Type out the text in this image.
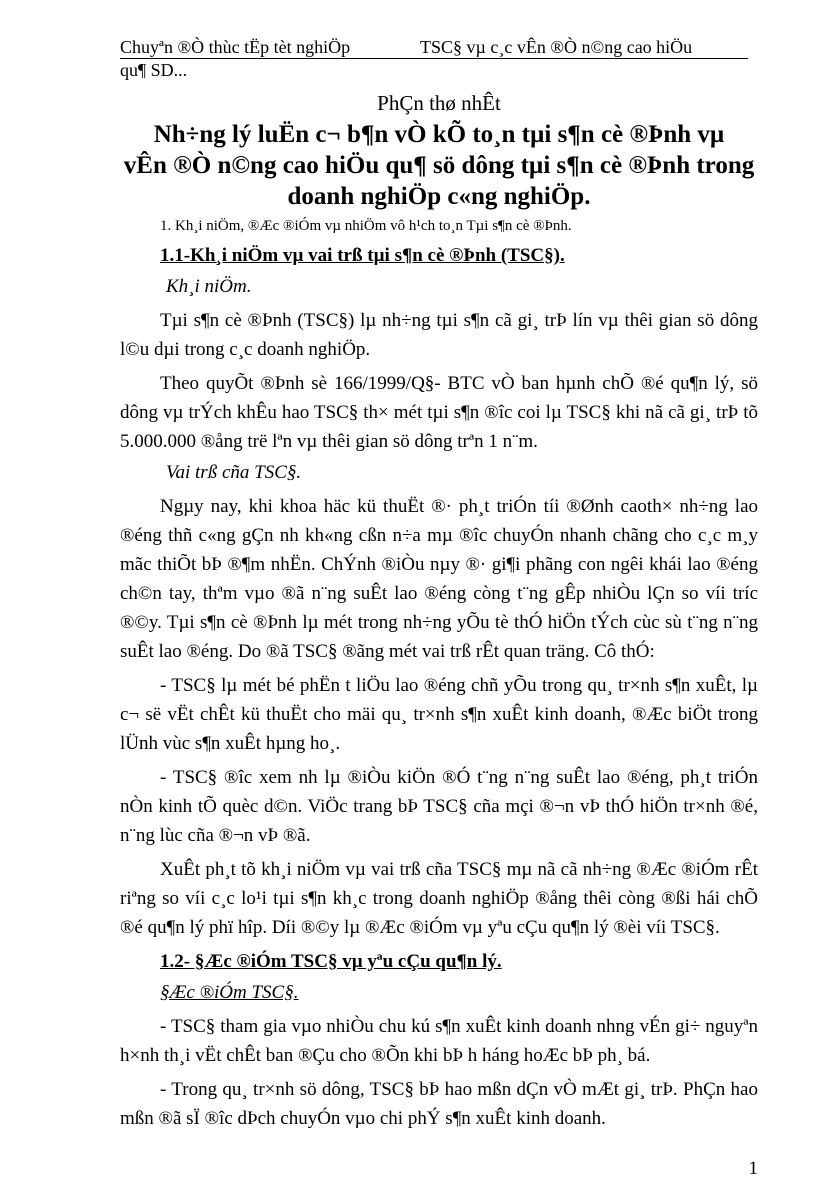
Chuyªn ®Ò thùc tËp tèt nghiÖp	TSC§ vµ c¸c vÊn ®Ò n©ng cao hiÖu
qu¶ SD...
PhÇn thø nhÊt
Nh÷ng lý luËn c¬ b¶n vÒ kÕ to¸n tµi s¶n cè ®Þnh vµ
vÊn ®Ò n©ng cao hiÖu qu¶ sö dông tµi s¶n cè ®Þnh trong
doanh nghiÖp c«ng nghiÖp.
1. Kh¸i niÖm, ®Æc ®iÓm vµ nhiÖm vô h¹ch to¸n Tµi s¶n cè ®Þnh.
1.1-Kh¸i niÖm vµ vai trß tµi s¶n cè ®Þnh (TSC§).
Kh¸i niÖm.

Tµi s¶n cè ®Þnh (TSC§) lµ nh÷ng tµi s¶n cã gi¸ trÞ lín vµ thêi gian sö dông l©u dµi trong c¸c doanh nghiÖp.

Theo quyÕt ®Þnh sè 166/1999/Q§- BTC vÒ ban hµnh chÕ ®é qu¶n lý, sö dông vµ trÝch khÊu hao TSC§ th× mét tµi s¶n ®îc coi lµ TSC§ khi nã cã gi¸ trÞ tõ 5.000.000 ®ång trë lªn vµ thêi gian sö dông trªn 1 n¨m.

Vai trß cña TSC§.

Ngµy nay, khi khoa häc kü thuËt ®· ph¸t triÓn tíi ®Ønh caoth× nh÷ng lao ®éng thñ c«ng gÇn nh kh«ng cßn n÷a mµ ®îc chuyÓn nhanh chãng cho c¸c m¸y mãc thiÕt bÞ ®¶m nhËn. ChÝnh ®iÒu nµy ®· gi¶i phãng con ngêi khái lao ®éng ch©n tay, thªm vµo ®ã n¨ng suÊt lao ®éng còng t¨ng gÊp nhiÒu lÇn so víi tríc ®©y. Tµi s¶n cè ®Þnh lµ mét trong nh÷ng yÕu tè thÓ hiÖn tÝch cùc sù t¨ng n¨ng suÊt lao ®éng. Do ®ã TSC§ ®ãng mét vai trß rÊt quan träng. Cô thÓ:

- TSC§ lµ mét bé phËn t liÖu lao ®éng chñ yÕu trong qu¸ tr×nh s¶n xuÊt, lµ c¬ së vËt chÊt kü thuËt cho mäi qu¸ tr×nh s¶n xuÊt kinh doanh, ®Æc biÖt trong lÜnh vùc s¶n xuÊt hµng ho¸.

- TSC§ ®îc xem nh lµ ®iÒu kiÖn ®Ó t¨ng n¨ng suÊt lao ®éng, ph¸t triÓn nÒn kinh tÕ quèc d©n. ViÖc trang bÞ TSC§ cña mçi ®¬n vÞ thÓ hiÖn tr×nh ®é, n¨ng lùc cña ®¬n vÞ ®ã.

XuÊt ph¸t tõ kh¸i niÖm vµ vai trß cña TSC§ mµ nã cã nh÷ng ®Æc ®iÓm rÊt riªng so víi c¸c lo¹i tµi s¶n kh¸c trong doanh nghiÖp ®ång thêi còng ®ßi hái chÕ ®é qu¶n lý phï hîp. Díi ®©y lµ ®Æc ®iÓm vµ yªu cÇu qu¶n lý ®èi víi TSC§.

1.2- §Æc ®iÓm TSC§ vµ yªu cÇu qu¶n lý.
§Æc ®iÓm TSC§.

- TSC§ tham gia vµo nhiÒu chu kú s¶n xuÊt kinh doanh nhng vÉn gi÷ nguyªn h×nh th¸i vËt chÊt ban ®Çu cho ®Õn khi bÞ h háng hoÆc bÞ ph¸ bá.

- Trong qu¸ tr×nh sö dông, TSC§ bÞ hao mßn dÇn vÒ mÆt gi¸ trÞ. PhÇn hao mßn ®ã sÏ ®îc dÞch chuyÓn vµo chi phÝ s¶n xuÊt kinh doanh.

1
